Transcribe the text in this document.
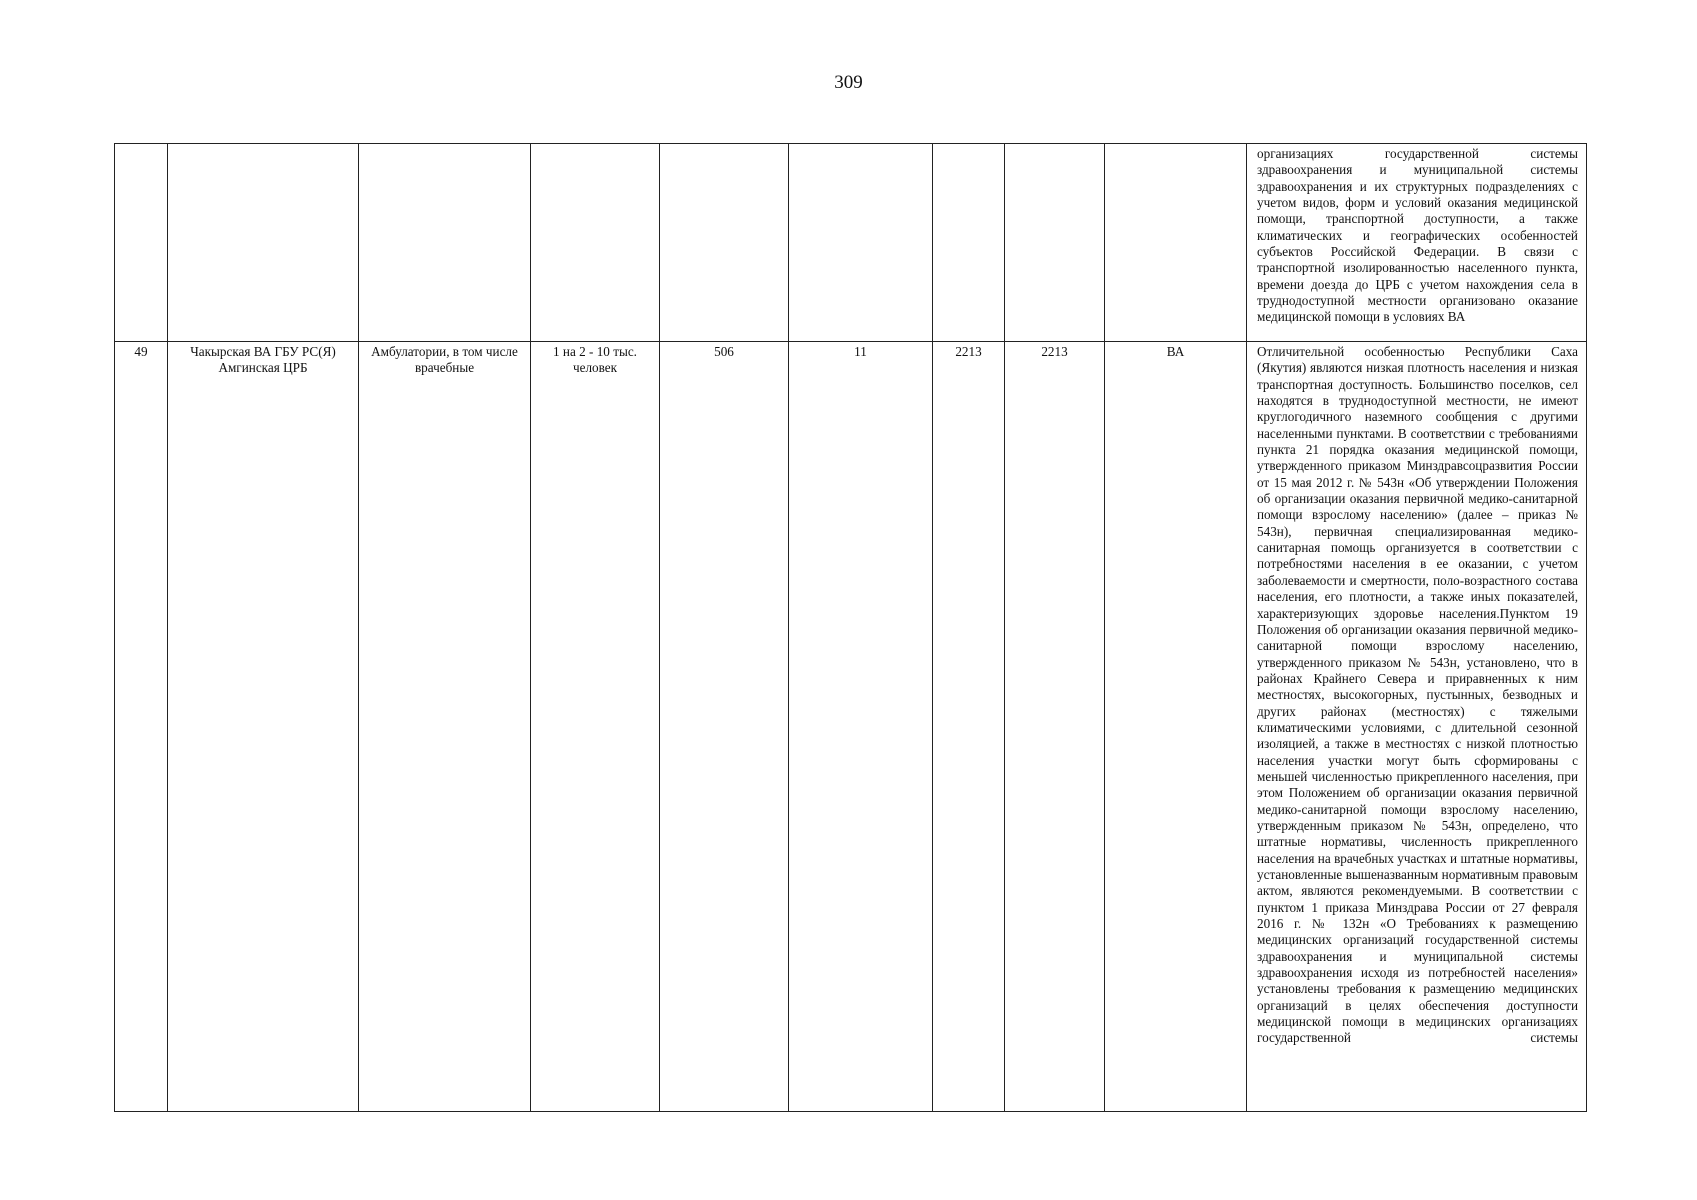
309
									организациях государственной системы здравоохранения и муниципальной системы здравоохранения и их структурных подразделениях с учетом видов, форм и условий оказания медицинской помощи, транспортной доступности, а также климатических и географических особенностей субъектов Российской Федерации. В связи с транспортной изолированностью населенного пункта, времени доезда до ЦРБ с учетом нахождения села в труднодоступной местности организовано оказание медицинской помощи в условиях ВА
49	Чакырская ВА ГБУ РС(Я) Амгинская ЦРБ	Амбулатории, в том числе врачебные	1 на 2 - 10 тыс. человек	506	11	2213	2213	ВА	Отличительной особенностью Республики Саха (Якутия) являются низкая плотность населения и низкая транспортная доступность. Большинство поселков, сел находятся в труднодоступной местности, не имеют круглогодичного наземного сообщения с другими населенными пунктами. В соответствии с требованиями пункта 21 порядка оказания медицинской помощи, утвержденного приказом Минздравсоцразвития России от 15 мая 2012 г. № 543н «Об утверждении Положения об организации оказания первичной медико-санитарной помощи взрослому населению» (далее – приказ № 543н), первичная специализированная медико-санитарная помощь организуется в соответствии с потребностями населения в ее оказании, с учетом заболеваемости и смертности, поло-возрастного состава населения, его плотности, а также иных показателей, характеризующих здоровье населения.Пунктом 19 Положения об организации оказания первичной медико-санитарной помощи взрослому населению, утвержденного приказом № 543н, установлено, что в районах Крайнего Севера и приравненных к ним местностях, высокогорных, пустынных, безводных и других районах (местностях) с тяжелыми климатическими условиями, с длительной сезонной изоляцией, а также в местностях с низкой плотностью населения участки могут быть сформированы с меньшей численностью прикрепленного населения, при этом Положением об организации оказания первичной медико-санитарной помощи взрослому населению, утвержденным приказом № 543н, определено, что штатные нормативы, численность прикрепленного населения на врачебных участках и штатные нормативы, установленные вышеназванным нормативным правовым актом, являются рекомендуемыми. В соответствии с пунктом 1 приказа Минздрава России от 27 февраля 2016 г. № 132н «О Требованиях к размещению медицинских организаций государственной системы здравоохранения и муниципальной системы здравоохранения исходя из потребностей населения» установлены требования к размещению медицинских организаций в целях обеспечения доступности медицинской помощи в медицинских организациях государственной системы
